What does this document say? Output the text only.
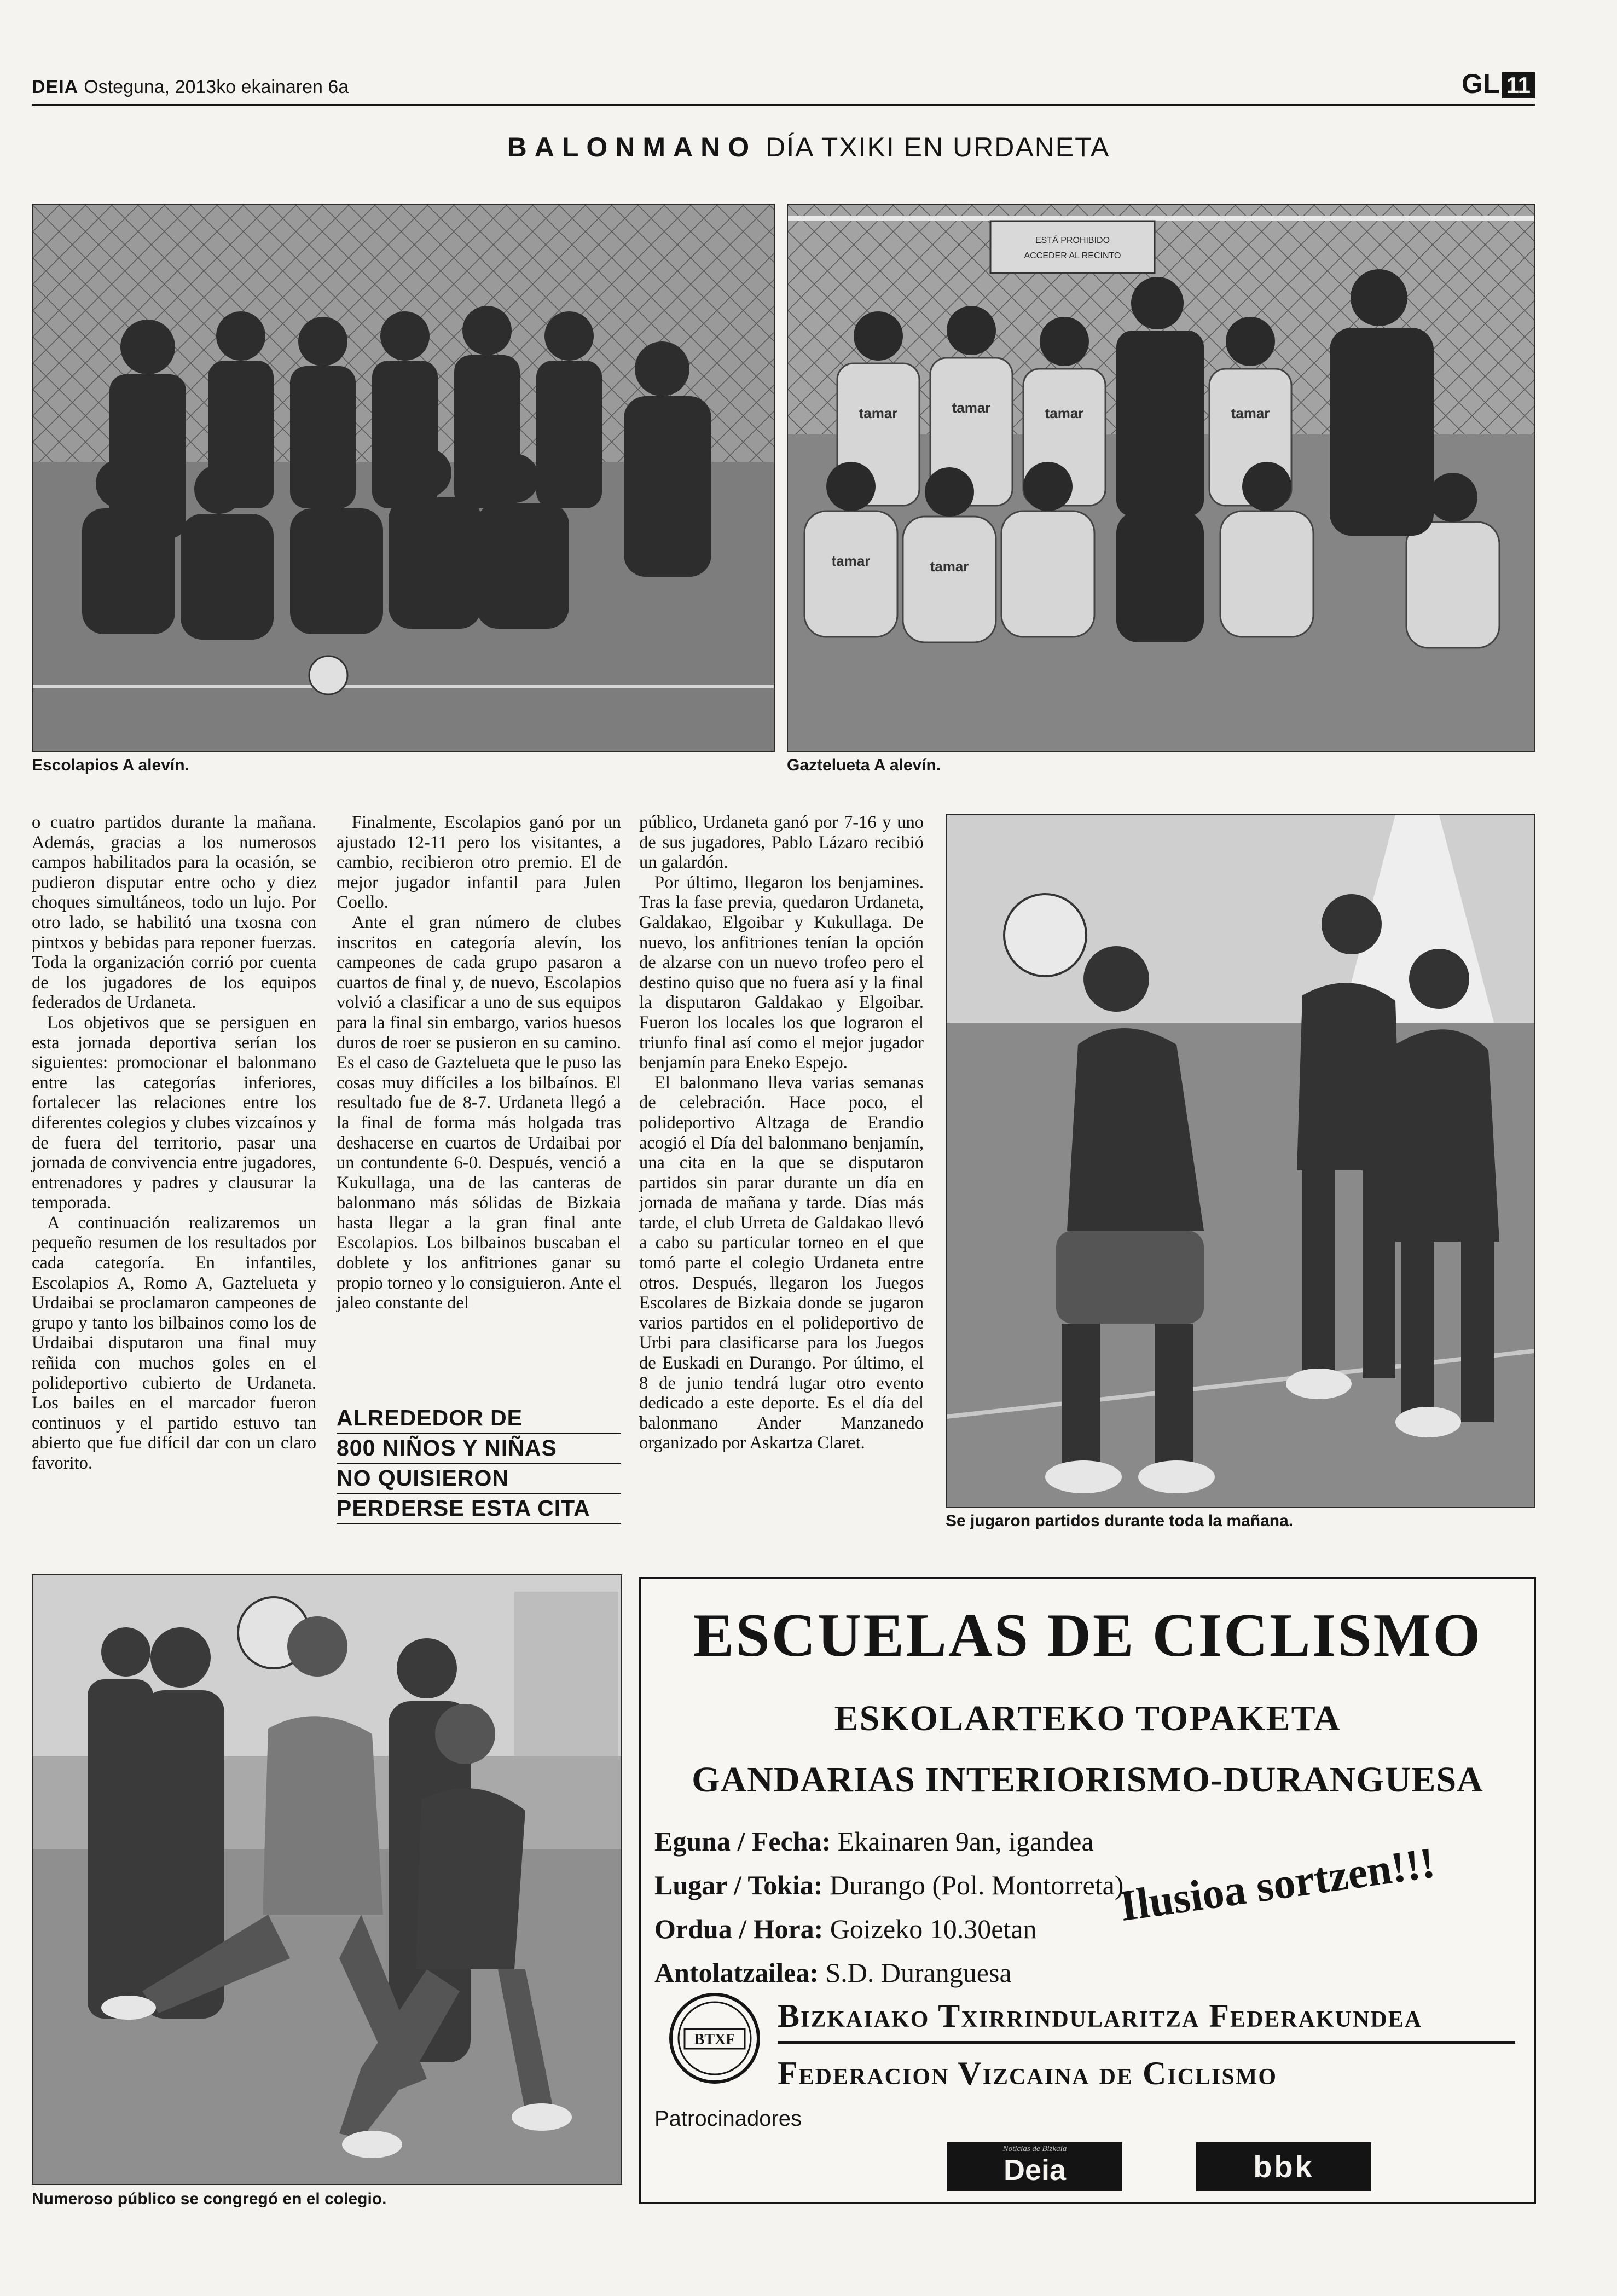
DEIA Osteguna, 2013ko ekainaren 6a	GL 11
BALONMANO DÍA TXIKI EN URDANETA
Escolapios A alevín.
ESTÁ PROHIBIDO
ACCEDER AL RECINTO
tamar	tamar	tamar	tamar
tamar	tamar
Gaztelueta A alevín.

o cuatro partidos durante la mañana. Además, gracias a los numerosos campos habilitados para la ocasión, se pudieron disputar entre ocho y diez choques simultáneos, todo un lujo. Por otro lado, se habilitó una txosna con pintxos y bebidas para reponer fuerzas. Toda la organización corrió por cuenta de los jugadores de los equipos federados de Urdaneta.

Los objetivos que se persiguen en esta jornada deportiva serían los siguientes: promocionar el balonmano entre las categorías inferiores, fortalecer las relaciones entre los diferentes colegios y clubes vizcaínos y de fuera del territorio, pasar una jornada de convivencia entre jugadores, entrenadores y padres y clausurar la temporada.

A continuación realizaremos un pequeño resumen de los resultados por cada categoría. En infantiles, Escolapios A, Romo A, Gaztelueta y Urdaibai se proclamaron campeones de grupo y tanto los bilbainos como los de Urdaibai disputaron una final muy reñida con muchos goles en el polideportivo cubierto de Urdaneta. Los bailes en el marcador fueron continuos y el partido estuvo tan abierto que fue difícil dar con un claro favorito.

Finalmente, Escolapios ganó por un ajustado 12-11 pero los visitantes, a cambio, recibieron otro premio. El de mejor jugador infantil para Julen Coello.

Ante el gran número de clubes inscritos en categoría alevín, los campeones de cada grupo pasaron a cuartos de final y, de nuevo, Escolapios volvió a clasificar a uno de sus equipos para la final sin embargo, varios huesos duros de roer se pusieron en su camino. Es el caso de Gaztelueta que le puso las cosas muy difíciles a los bilbaínos. El resultado fue de 8-7. Urdaneta llegó a la final de forma más holgada tras deshacerse en cuartos de Urdaibai por un contundente 6-0. Después, venció a Kukullaga, una de las canteras de balonmano más sólidas de Bizkaia hasta llegar a la gran final ante Escolapios. Los bilbainos buscaban el doblete y los anfitriones ganar su propio torneo y lo consiguieron. Ante el jaleo constante del

público, Urdaneta ganó por 7-16 y uno de sus jugadores, Pablo Lázaro recibió un galardón.

Por último, llegaron los benjamines. Tras la fase previa, quedaron Urdaneta, Galdakao, Elgoibar y Kukullaga. De nuevo, los anfitriones tenían la opción de alzarse con un nuevo trofeo pero el destino quiso que no fuera así y la final la disputaron Galdakao y Elgoibar. Fueron los locales los que lograron el triunfo final así como el mejor jugador benjamín para Eneko Espejo.

El balonmano lleva varias semanas de celebración. Hace poco, el polideportivo Altzaga de Erandio acogió el Día del balonmano benjamín, una cita en la que se disputaron partidos sin parar durante un día en jornada de mañana y tarde. Días más tarde, el club Urreta de Galdakao llevó a cabo su particular torneo en el que tomó parte el colegio Urdaneta entre otros. Después, llegaron los Juegos Escolares de Bizkaia donde se jugaron varios partidos en el polideportivo de Urbi para clasificarse para los Juegos de Euskadi en Durango. Por último, el 8 de junio tendrá lugar otro evento dedicado a este deporte. Es el día del balonmano Ander Manzanedo organizado por Askartza Claret.

ALREDEDOR DE
800 NIÑOS Y NIÑAS
NO QUISIERON
PERDERSE ESTA CITA
Se jugaron partidos durante toda la mañana.
Numeroso público se congregó en el colegio.
ESCUELAS DE CICLISMO
ESKOLARTEKO TOPAKETA
GANDARIAS INTERIORISMO-DURANGUESA
Eguna / Fecha: Ekainaren 9an, igandea
Lugar / Tokia: Durango (Pol. Montorreta)
Ordua / Hora: Goizeko 10.30etan
Antolatzailea: S.D. Duranguesa
Ilusioa sortzen!!!
BTXF
Bizkaiako Txirrindularitza Federakundea
Federacion Vizcaina de Ciclismo
Patrocinadores
Noticias de Bizkaia
Deia	bbk
